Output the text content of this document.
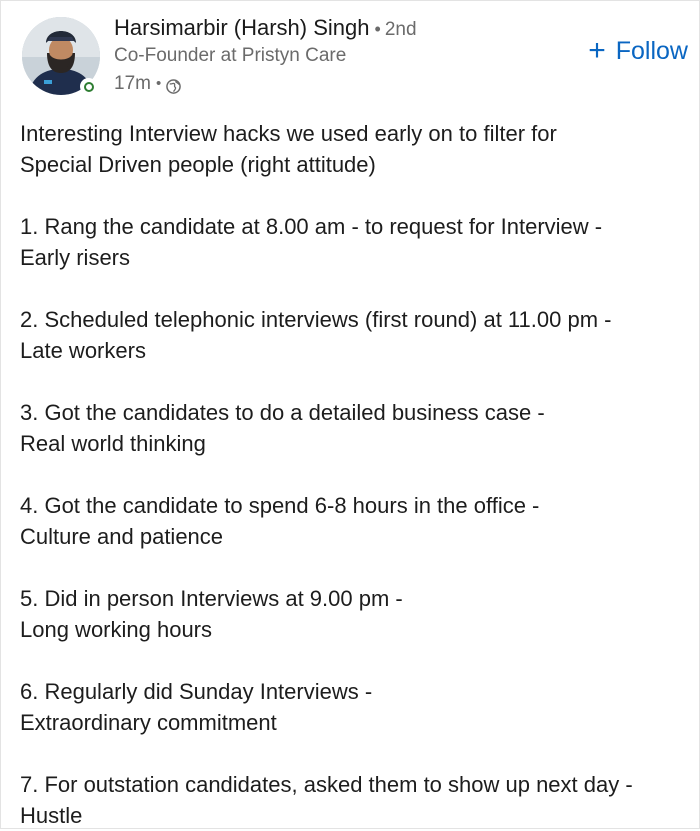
Harsimarbir (Harsh) Singh • 2nd
Co-Founder at Pristyn Care
17m •
+ Follow
Interesting Interview hacks we used early on to filter for
Special Driven people (right attitude)

1. Rang the candidate at 8.00 am - to request for Interview -
Early risers

2. Scheduled telephonic interviews (first round) at 11.00 pm -
Late workers

3. Got the candidates to do a detailed business case -
Real world thinking

4. Got the candidate to spend 6-8 hours in the office -
Culture and patience

5. Did in person Interviews at 9.00 pm -
Long working hours

6. Regularly did Sunday Interviews -
Extraordinary commitment

7. For outstation candidates, asked them to show up next day -
Hustle
